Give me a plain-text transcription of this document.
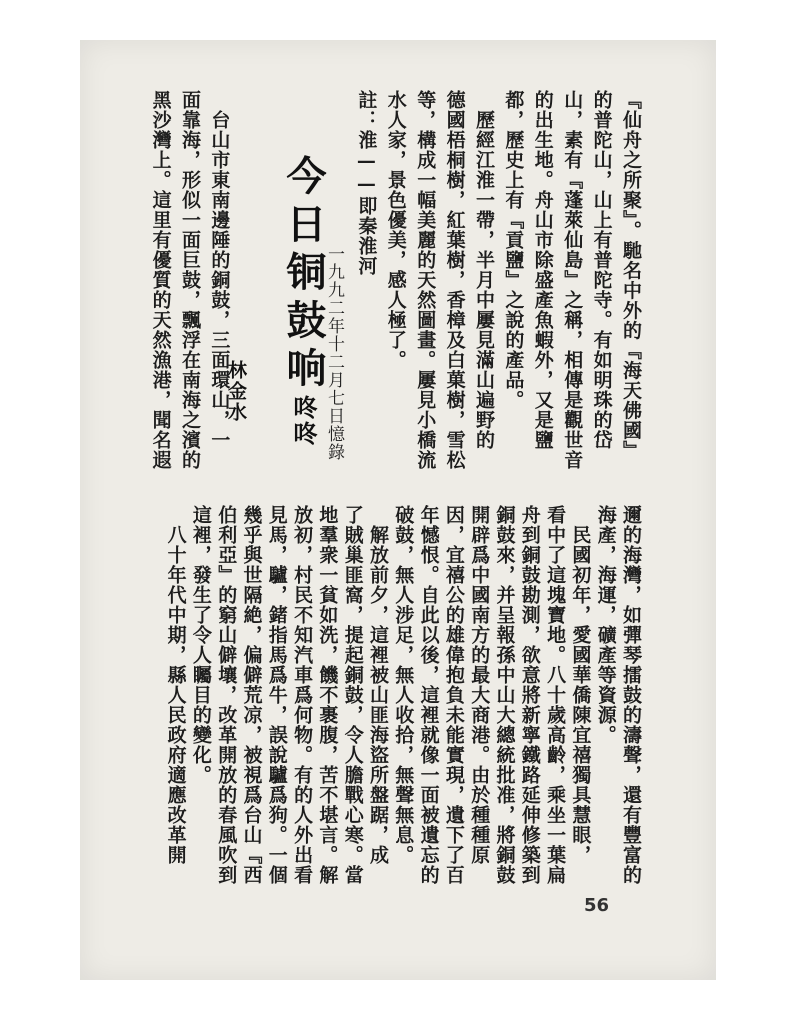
『仙舟之所聚』。馳名中外的『海天佛國』
的普陀山，山上有普陀寺。有如明珠的岱
山，素有『蓬萊仙島』之稱，相傳是觀世音
的出生地。舟山市除盛產魚蝦外，又是鹽
都，歷史上有『貢鹽』之說的產品。
　歷經江淮一帶，半月中屢見滿山遍野的
德國梧桐樹，紅葉樹，香樟及白菓樹，雪松
等，構成一幅美麗的天然圖畫。屢見小橋流
水人家，景色優美，感人極了。
註：淮——即秦淮河

　台山市東南邊陲的銅鼓，三面環山，一
面靠海，形似一面巨鼓，飄浮在南海之濱的
黑沙灣上。這里有優質的天然漁港，聞名遐
邇的海灣，如彈琴擂鼓的濤聲，還有豐富的
海產，海運，礦產等資源。
　民國初年，愛國華僑陳宜禧獨具慧眼，
看中了這塊寶地。八十歲高齡，乘坐一葉扁
舟到銅鼓勘測，欲意將新寧鐵路延伸修築到
銅鼓來，并呈報孫中山大總統批准，將銅鼓
開辟爲中國南方的最大商港。由於種種原
因，宜禧公的雄偉抱負未能實現，遺下了百
年憾恨。自此以後，這裡就像一面被遺忘的
破鼓，無人涉足，無人收拾，無聲無息。
　解放前夕，這裡被山匪海盜所盤踞，成
了賊巢匪窩，提起銅鼓，令人膽戰心寒。當
地羣衆一貧如洗，饑不裹腹，苦不堪言。解
放初，村民不知汽車爲何物。有的人外出看
見馬，驢，鍺指馬爲牛，誤說驢爲狗。一個
幾乎與世隔絶，偏僻荒凉，被視爲台山『西
伯利亞』的窮山僻壤，改革開放的春風吹到
這裡，發生了令人矚目的變化。
　八十年代中期，縣人民政府適應改革開
今日铜鼓响咚咚
林金水	一九九二年十二月七日憶錄
56
